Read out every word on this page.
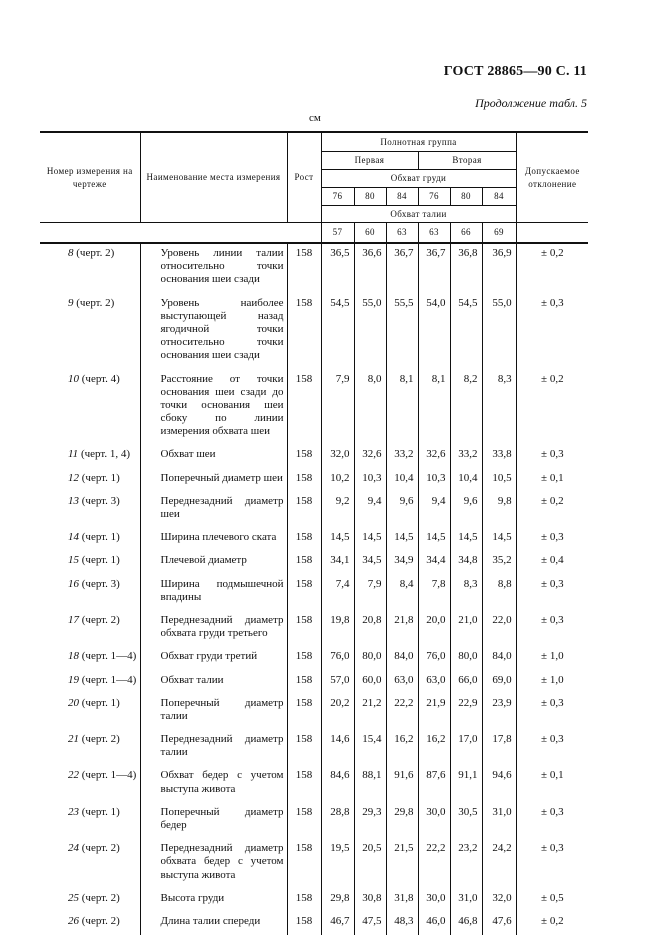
ГОСТ 28865—90 С. 11
Продолжение табл. 5
см
Номер измерения на чертеже	Наименование места измерения	Рост	Полнотная группа						Допускаемое отклонение
			Первая			Вторая			
			Обхват груди						
			76	80	84	76	80	84	
			Обхват талии						
			57	60	63	63	66	69	
8 (черт. 2)	Уровень линии талии относительно точки основания шеи сзади	158	36,5	36,6	36,7	36,7	36,8	36,9	± 0,2
9 (черт. 2)	Уровень наиболее выступающей назад ягодичной точки относительно точки основания шеи сзади	158	54,5	55,0	55,5	54,0	54,5	55,0	± 0,3
10 (черт. 4)	Расстояние от точки основания шеи сзади до точки основания шеи сбоку по линии измерения обхвата шеи	158	7,9	8,0	8,1	8,1	8,2	8,3	± 0,2
11 (черт. 1, 4)	Обхват шеи	158	32,0	32,6	33,2	32,6	33,2	33,8	± 0,3
12 (черт. 1)	Поперечный диаметр шеи	158	10,2	10,3	10,4	10,3	10,4	10,5	± 0,1
13 (черт. 3)	Переднезадний диаметр шеи	158	9,2	9,4	9,6	9,4	9,6	9,8	± 0,2
14 (черт. 1)	Ширина плечевого ската	158	14,5	14,5	14,5	14,5	14,5	14,5	± 0,3
15 (черт. 1)	Плечевой диаметр	158	34,1	34,5	34,9	34,4	34,8	35,2	± 0,4
16 (черт. 3)	Ширина подмышечной впадины	158	7,4	7,9	8,4	7,8	8,3	8,8	± 0,3
17 (черт. 2)	Переднезадний диаметр обхвата груди третьего	158	19,8	20,8	21,8	20,0	21,0	22,0	± 0,3
18 (черт. 1—4)	Обхват груди третий	158	76,0	80,0	84,0	76,0	80,0	84,0	± 1,0
19 (черт. 1—4)	Обхват талии	158	57,0	60,0	63,0	63,0	66,0	69,0	± 1,0
20 (черт. 1)	Поперечный диаметр талии	158	20,2	21,2	22,2	21,9	22,9	23,9	± 0,3
21 (черт. 2)	Переднезадний диаметр талии	158	14,6	15,4	16,2	16,2	17,0	17,8	± 0,3
22 (черт. 1—4)	Обхват бедер с учетом выступа живота	158	84,6	88,1	91,6	87,6	91,1	94,6	± 0,1
23 (черт. 1)	Поперечный диаметр бедер	158	28,8	29,3	29,8	30,0	30,5	31,0	± 0,3
24 (черт. 2)	Переднезадний диаметр обхвата бедер с учетом выступа живота	158	19,5	20,5	21,5	22,2	23,2	24,2	± 0,3
25 (черт. 2)	Высота груди	158	29,8	30,8	31,8	30,0	31,0	32,0	± 0,5
26 (черт. 2)	Длина талии спереди	158	46,7	47,5	48,3	46,0	46,8	47,6	± 0,2
